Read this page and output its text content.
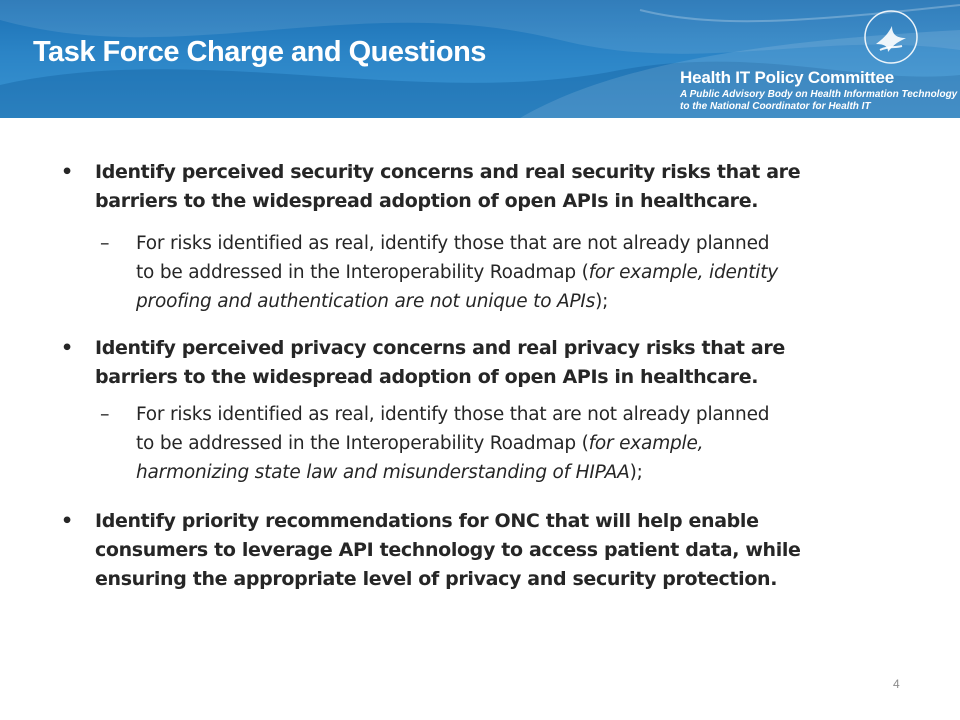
Task Force Charge and Questions

Health IT Policy Committee

A Public Advisory Body on Health Information Technology
to the National Coordinator for Health IT

• Identify perceived security concerns and real security risks that are
barriers to the widespread adoption of open APIs in healthcare.

– For risks identified as real, identify those that are not already planned
to be addressed in the Interoperability Roadmap (for example, identity
proofing and authentication are not unique to APIs);

• Identify perceived privacy concerns and real privacy risks that are
barriers to the widespread adoption of open APIs in healthcare.

– For risks identified as real, identify those that are not already planned
to be addressed in the Interoperability Roadmap (for example,
harmonizing state law and misunderstanding of HIPAA);

• Identify priority recommendations for ONC that will help enable
consumers to leverage API technology to access patient data, while
ensuring the appropriate level of privacy and security protection.

4
